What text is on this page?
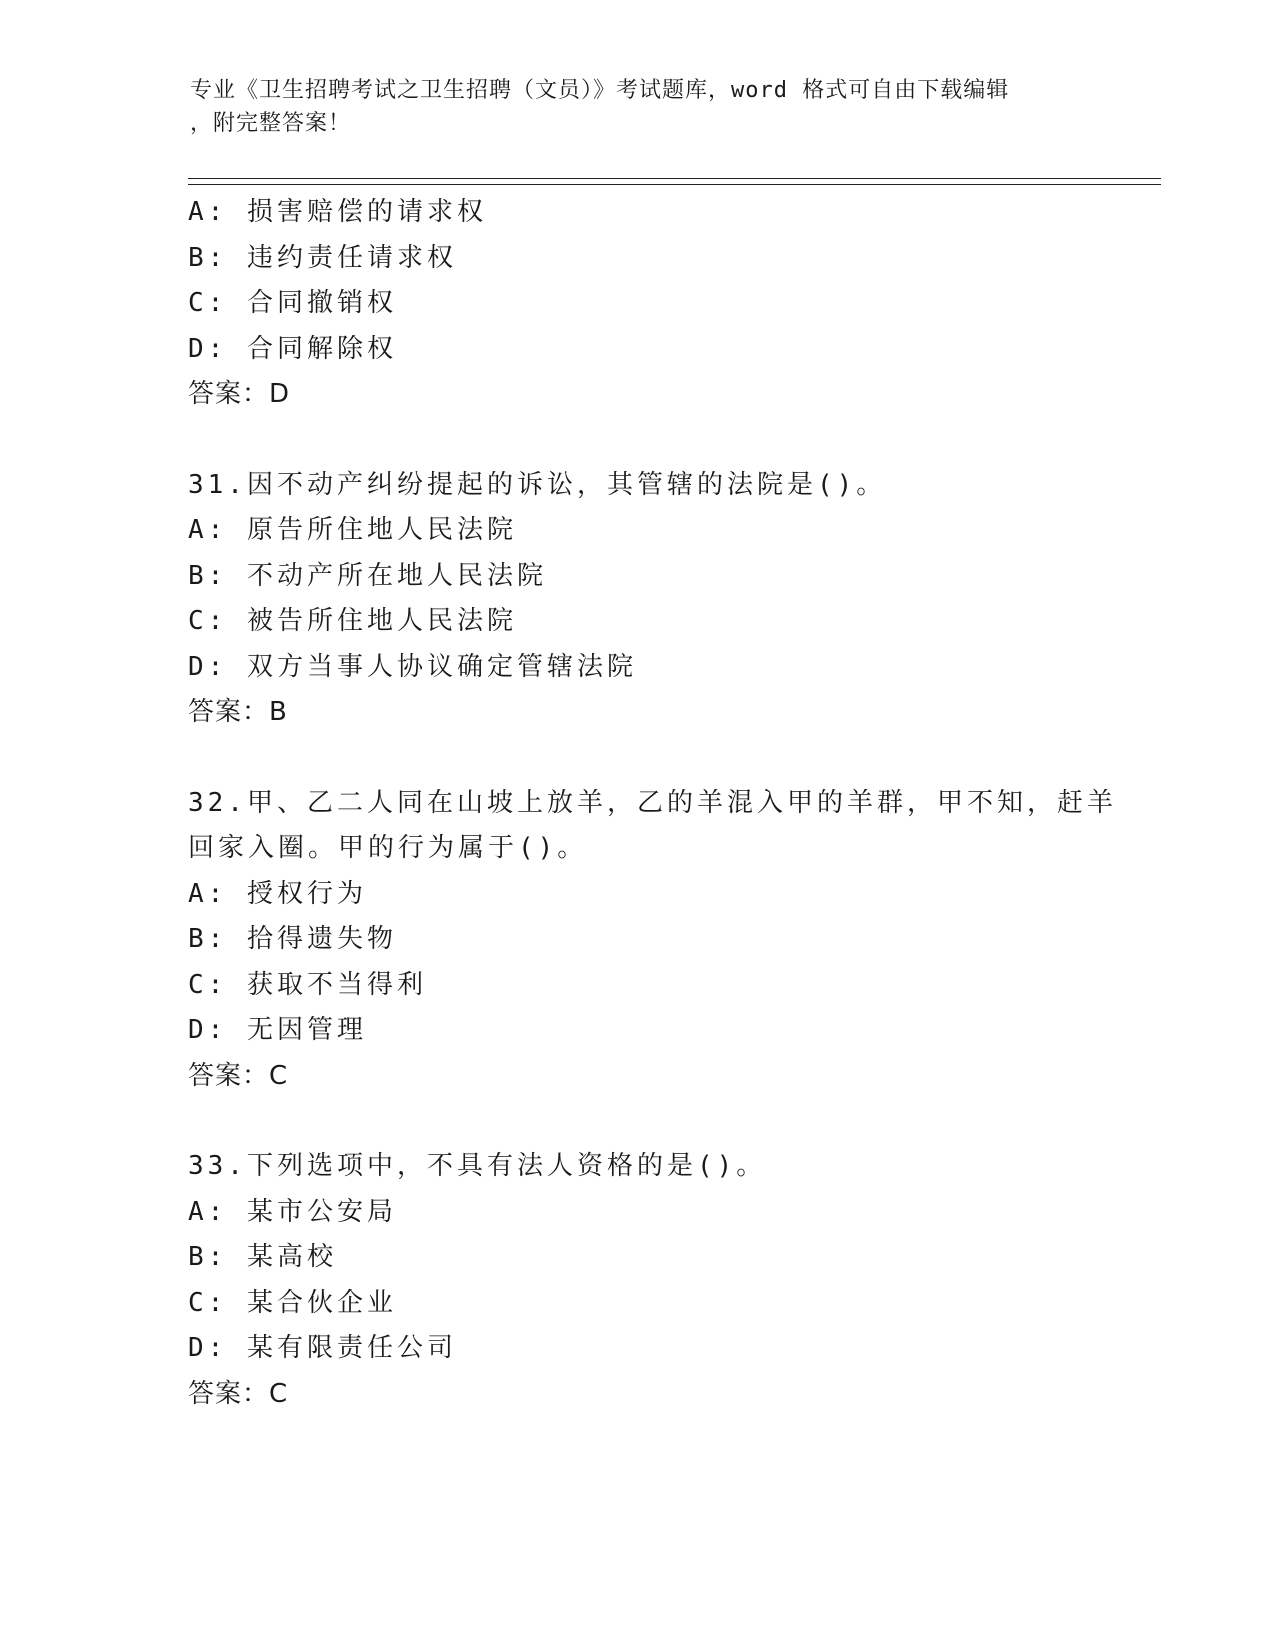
专业《卫生招聘考试之卫生招聘（文员）》考试题库，word 格式可自由下载编辑
，附完整答案！
A: 损害赔偿的请求权
B: 违约责任请求权
C: 合同撤销权
D: 合同解除权
答案：D
31.因不动产纠纷提起的诉讼，其管辖的法院是()。
A: 原告所住地人民法院
B: 不动产所在地人民法院
C: 被告所住地人民法院
D: 双方当事人协议确定管辖法院
答案：B
32.甲、乙二人同在山坡上放羊，乙的羊混入甲的羊群，甲不知，赶羊
回家入圈。甲的行为属于()。
A: 授权行为
B: 拾得遗失物
C: 获取不当得利
D: 无因管理
答案：C
33.下列选项中，不具有法人资格的是()。
A: 某市公安局
B: 某高校
C: 某合伙企业
D: 某有限责任公司
答案：C
